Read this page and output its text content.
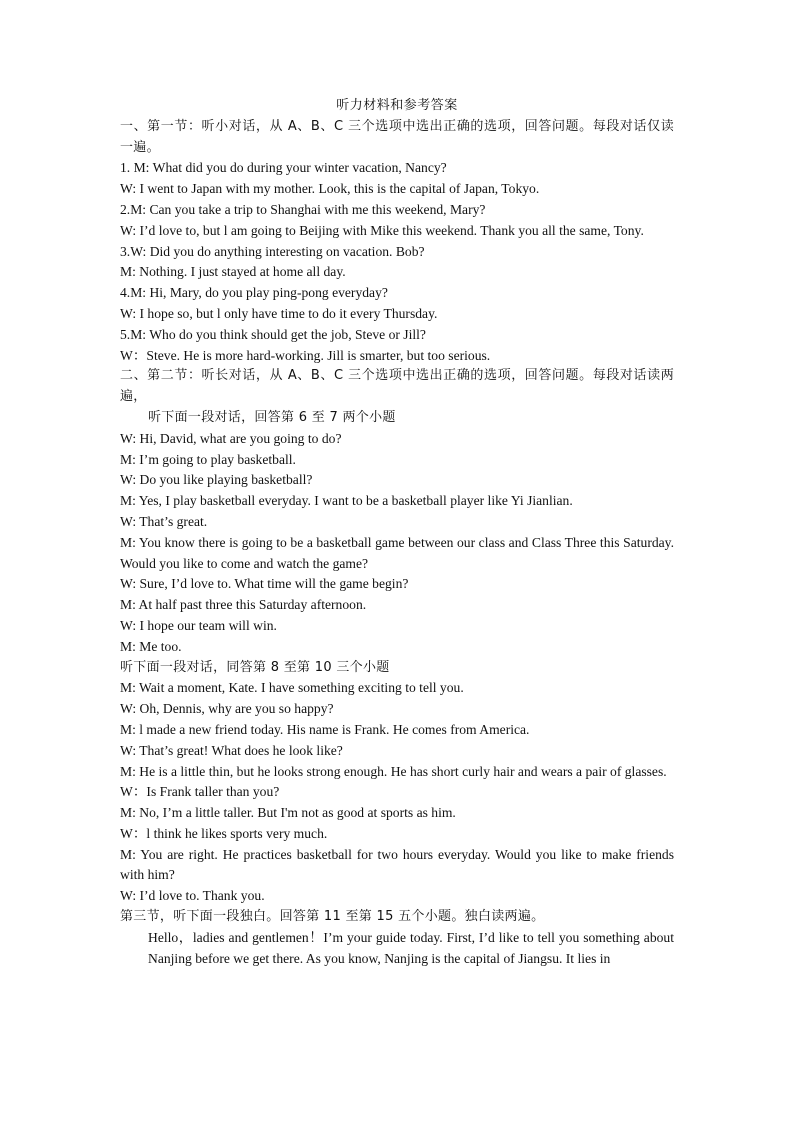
听力材料和参考答案
一、第一节：听小对话，从 A、B、C 三个选项中选出正确的选项，回答问题。每段对话仅读一遍。
1. M: What did you do during your winter vacation, Nancy?
W: I went to Japan with my mother. Look, this is the capital of Japan, Tokyo.
2.M: Can you take a trip to Shanghai with me this weekend, Mary?
W: I’d love to, but l am going to Beijing with Mike this weekend. Thank you all the same, Tony.
3.W: Did you do anything interesting on vacation. Bob?
M: Nothing. I just stayed at home all day.
4.M: Hi, Mary, do you play ping-pong everyday?
W: I hope so, but l only have time to do it every Thursday.
5.M: Who do you think should get the job, Steve or Jill?
W：Steve. He is more hard-working. Jill is smarter, but too serious.
二、第二节：听长对话，从 A、B、C 三个选项中选出正确的选项，回答问题。每段对话读两遍，
听下面一段对话，回答第 6 至 7 两个小题
W: Hi, David, what are you going to do?
M: I’m going to play basketball.
W: Do you like playing basketball?
M: Yes, I play basketball everyday. I want to be a basketball player like Yi Jianlian.
W: That’s great.
M: You know there is going to be a basketball game between our class and Class Three this Saturday. Would you like to come and watch the game?
W: Sure, I’d love to. What time will the game begin?
M: At half past three this Saturday afternoon.
W: I hope our team will win.
M: Me too.
听下面一段对话，同答第 8 至第 10 三个小题
M: Wait a moment, Kate. I have something exciting to tell you.
W: Oh, Dennis, why are you so happy?
M: l made a new friend today. His name is Frank. He comes from America.
W: That’s great! What does he look like?
M: He is a little thin, but he looks strong enough. He has short curly hair and wears a pair of glasses.
W：Is Frank taller than you?
M: No, I’m a little taller. But I'm not as good at sports as him.
W：l think he likes sports very much.
M: You are right. He practices basketball for two hours everyday. Would you like to make friends with him?
W: I’d love to. Thank you.
第三节，听下面一段独白。回答第 11 至第 15 五个小题。独白读两遍。
Hello，ladies and gentlemen！I’m your guide today. First, I’d like to tell you something about Nanjing before we get there. As you know, Nanjing is the capital of Jiangsu. It lies in
